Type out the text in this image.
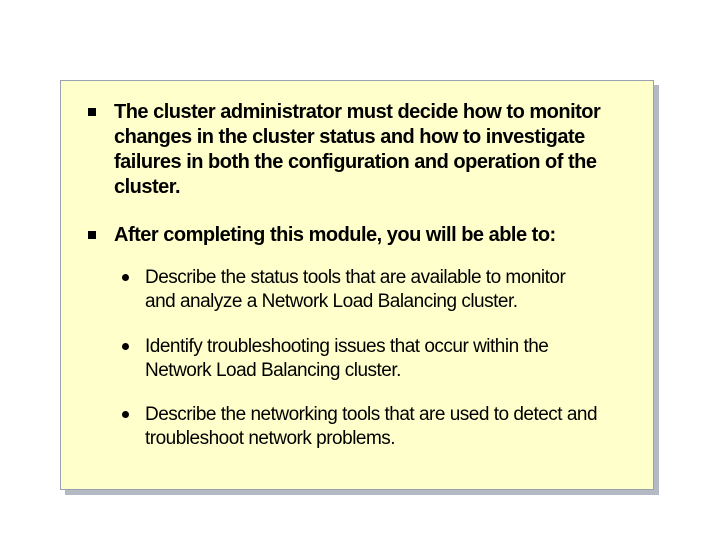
The cluster administrator must decide how to monitor
changes in the cluster status and how to investigate
failures in both the configuration and operation of the
cluster.
After completing this module, you will be able to:
Describe the status tools that are available to monitor
and analyze a Network Load Balancing cluster.
Identify troubleshooting issues that occur within the
Network Load Balancing cluster.
Describe the networking tools that are used to detect and
troubleshoot network problems.
